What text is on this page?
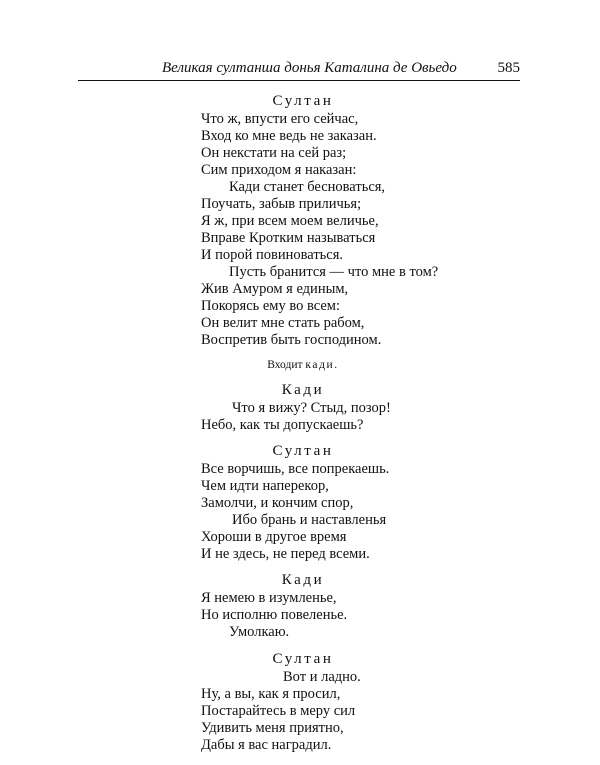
Великая султанша донья Каталина де Овьедо	585
Султан
Что ж, впусти его сейчас,
Вход ко мне ведь не заказан.
Он некстати на сей раз;
Сим приходом я наказан:
Кади станет бесноваться,
Поучать, забыв приличья;
Я ж, при всем моем величье,
Вправе Кротким называться
И порой повиноваться.
Пусть бранится — что мне в том?
Жив Амуром я единым,
Покорясь ему во всем:
Он велит мне стать рабом,
Воспретив быть господином.
Входит кади.
Кади
Что я вижу? Стыд, позор!
Небо, как ты допускаешь?
Султан
Все ворчишь, все попрекаешь.
Чем идти наперекор,
Замолчи, и кончим спор,
Ибо брань и наставленья
Хороши в другое время
И не здесь, не перед всеми.
Кади
Я немею в изумленье,
Но исполню повеленье.
Умолкаю.
Султан
Вот и ладно.
Ну, а вы, как я просил,
Постарайтесь в меру сил
Удивить меня приятно,
Дабы я вас наградил.
